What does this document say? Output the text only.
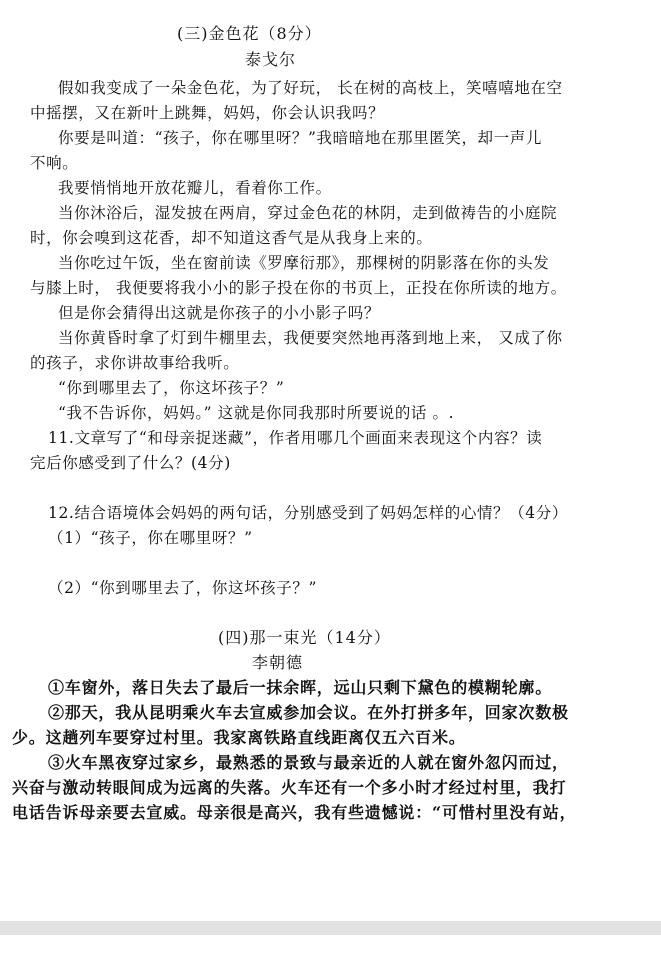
(三)金色花（8分）
泰戈尔
假如我变成了一朵金色花，为了好玩， 长在树的高枝上，笑嘻嘻地在空
中摇摆，又在新叶上跳舞，妈妈，你会认识我吗？
你要是叫道：“孩子，你在哪里呀？”我暗暗地在那里匿笑，却一声儿
不响。
我要悄悄地开放花瓣儿，看着你工作。
当你沐浴后，湿发披在两肩，穿过金色花的林阴，走到做祷告的小庭院
时，你会嗅到这花香，却不知道这香气是从我身上来的。
当你吃过午饭，坐在窗前读《罗摩衍那》，那棵树的阴影落在你的头发
与膝上时， 我便要将我小小的影子投在你的书页上，正投在你所读的地方。
但是你会猜得出这就是你孩子的小小影子吗？
当你黄昏时拿了灯到牛棚里去，我便要突然地再落到地上来， 又成了你
的孩子，求你讲故事给我听。
“你到哪里去了，你这坏孩子？”
“我不告诉你，妈妈。” 这就是你同我那时所要说的话 。.
11.文章写了“和母亲捉迷藏”，作者用哪几个画面来表现这个内容？读
完后你感受到了什么？(4分)
12.结合语境体会妈妈的两句话，分别感受到了妈妈怎样的心情？（4分）
（1）“孩子，你在哪里呀？”
（2）“你到哪里去了，你这坏孩子？”
(四)那一束光（14分）
李朝德
①车窗外，落日失去了最后一抹余晖，远山只剩下黛色的模糊轮廓。
②那天，我从昆明乘火车去宣威参加会议。在外打拼多年，回家次数极
少。这趟列车要穿过村里。我家离铁路直线距离仅五六百米。
③火车黑夜穿过家乡，最熟悉的景致与最亲近的人就在窗外忽闪而过，
兴奋与激动转眼间成为远离的失落。火车还有一个多小时才经过村里，我打
电话告诉母亲要去宣威。母亲很是高兴，我有些遗憾说：“可惜村里没有站，
